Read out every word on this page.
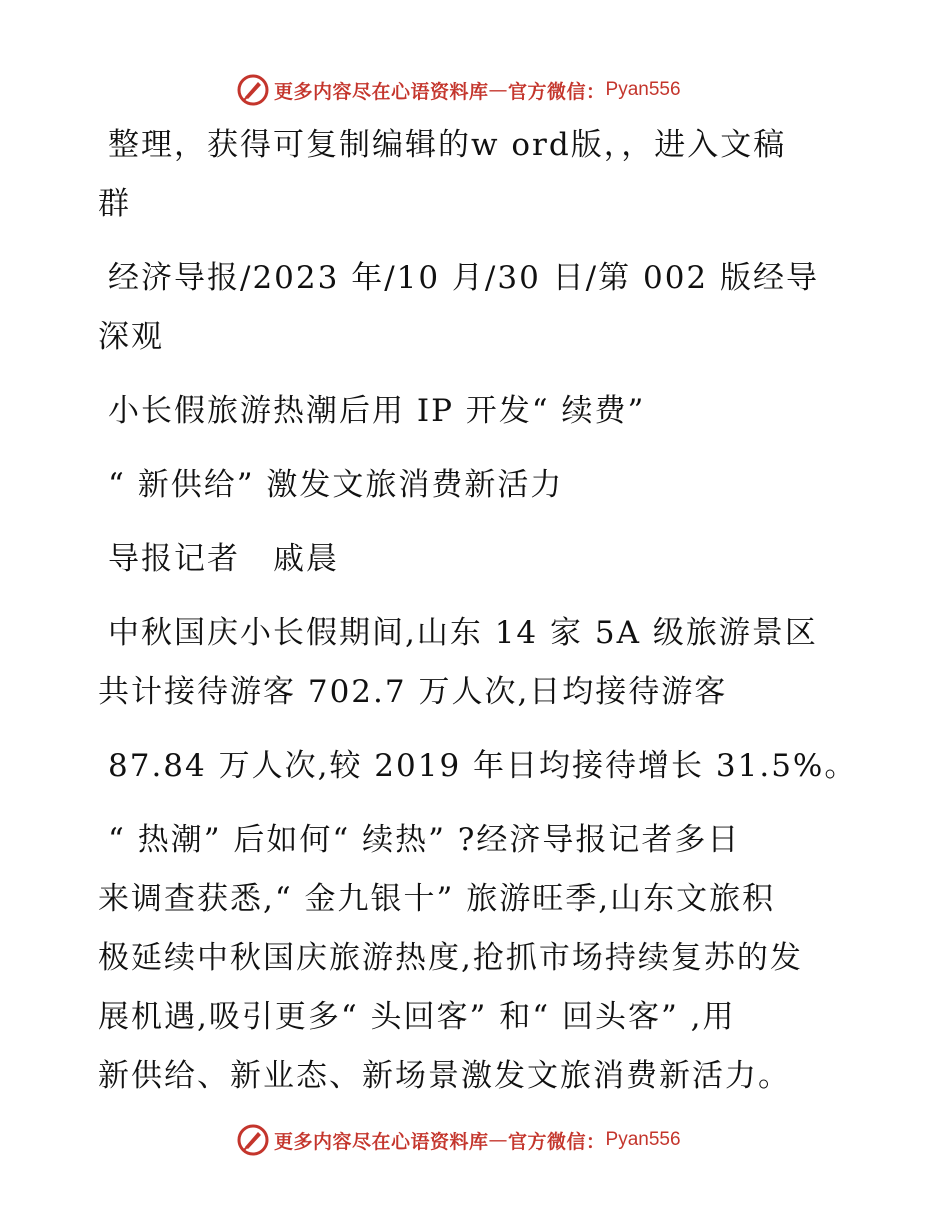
更多内容尽在心语资料库 — 官方微信： Pyan556
整理，获得可复制编辑的w ord版，，进入文稿
群
经济导报/2023 年/10 月/30 日/第 002 版经导
深观
小长假旅游热潮后用 IP 开发“ 续费”
“ 新供给” 激发文旅消费新活力
导报记者　戚晨
中秋国庆小长假期间,山东 14 家 5A 级旅游景区
共计接待游客 702.7 万人次,日均接待游客
87.84 万人次,较 2019 年日均接待增长 31.5%。
“ 热潮” 后如何“ 续热” ?经济导报记者多日
来调查获悉,“ 金九银十” 旅游旺季,山东文旅积
极延续中秋国庆旅游热度,抢抓市场持续复苏的发
展机遇,吸引更多“ 头回客” 和“ 回头客” ,用
新供给、新业态、新场景激发文旅消费新活力。
更多内容尽在心语资料库 — 官方微信： Pyan556
